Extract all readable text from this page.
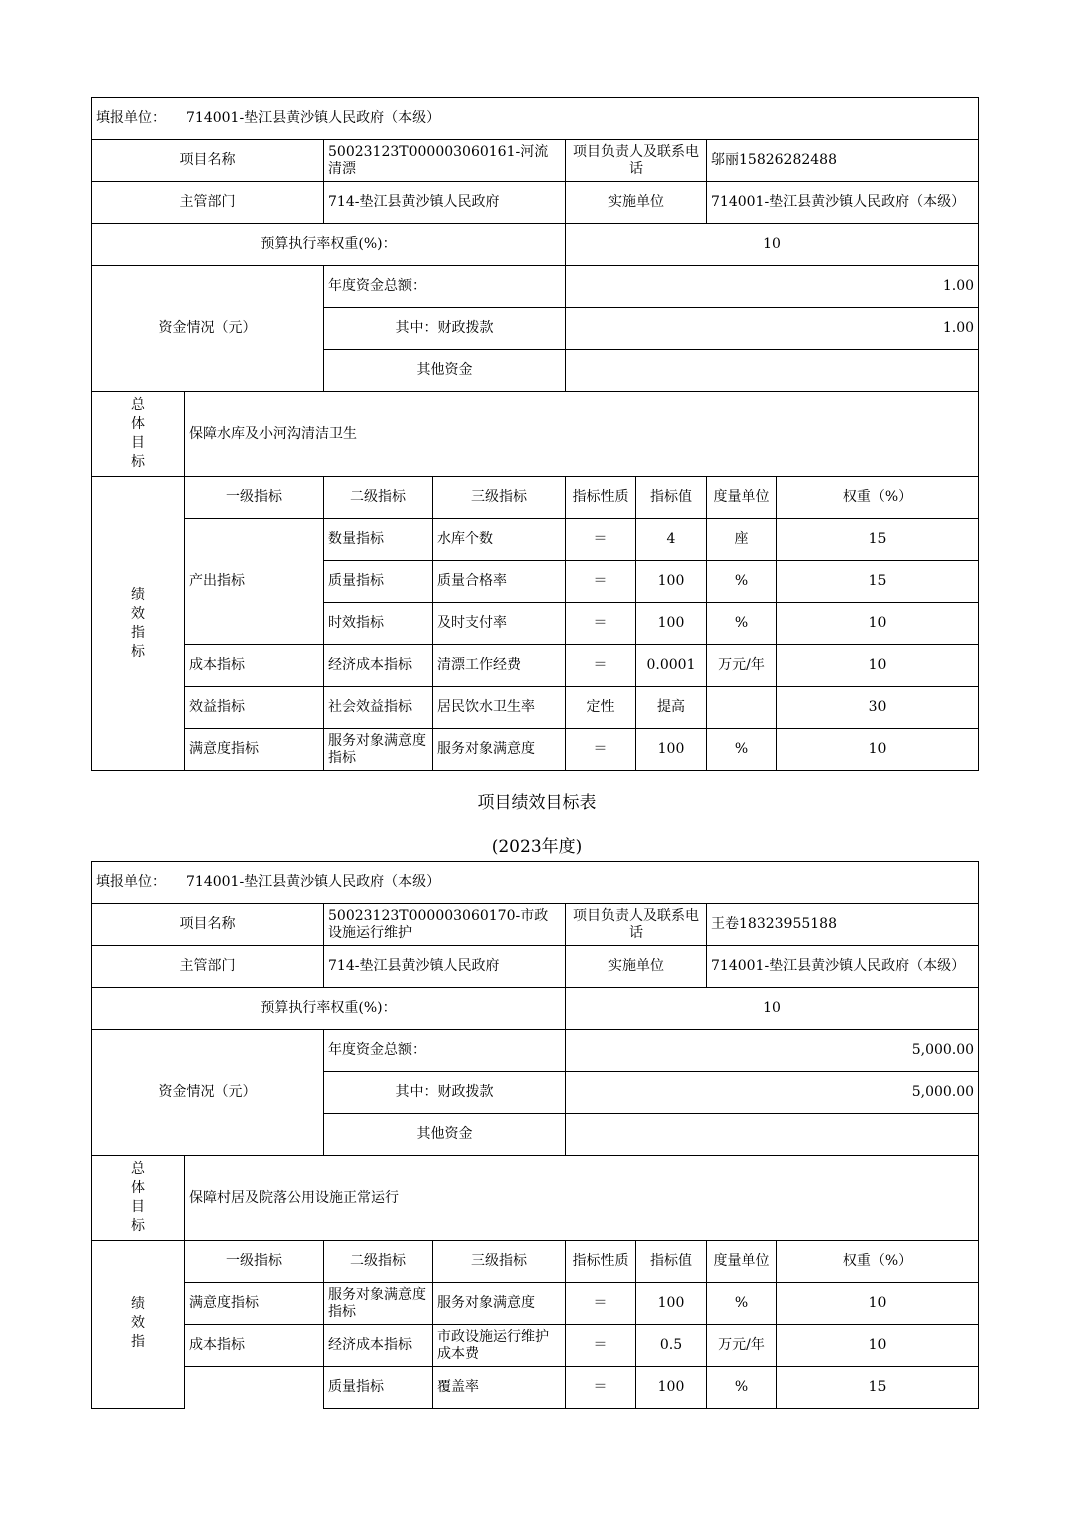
填报单位： 714001-垫江县黄沙镇人民政府（本级）							
项目名称		50023123T000003060161-河流清漂		项目负责人及联系电话		邬丽15826282488	
主管部门		714-垫江县黄沙镇人民政府		实施单位		714001-垫江县黄沙镇人民政府（本级）	
预算执行率权重(%)：				10			
资金情况（元）		年度资金总额：		1.00			
		其中：财政拨款		1.00			
		其他资金					

总体目标	保障水库及小河沟清洁卫生						

绩效指标	一级指标	二级指标	三级指标	指标性质	指标值	度量单位	权重（%）
	产出指标	数量指标	水库个数	＝	4	座	15
		质量指标	质量合格率	＝	100	%	15
		时效指标	及时支付率	＝	100	%	10
	成本指标	经济成本指标	清漂工作经费	＝	0.0001	万元/年	10
	效益指标	社会效益指标	居民饮水卫生率	定性	提高		30
	满意度指标	服务对象满意度指标	服务对象满意度	＝	100	%	10
项目绩效目标表
(2023年度)
填报单位： 714001-垫江县黄沙镇人民政府（本级）							
项目名称		50023123T000003060170-市政设施运行维护		项目负责人及联系电话		王卷18323955188	
主管部门		714-垫江县黄沙镇人民政府		实施单位		714001-垫江县黄沙镇人民政府（本级）	
预算执行率权重(%)：				10			
资金情况（元）		年度资金总额：		5,000.00			
		其中：财政拨款		5,000.00			
		其他资金					

总体目标	保障村居及院落公用设施正常运行						

绩效指	一级指标	二级指标	三级指标	指标性质	指标值	度量单位	权重（%）
	满意度指标	服务对象满意度指标	服务对象满意度	＝	100	%	10
	成本指标	经济成本指标	市政设施运行维护成本费	＝	0.5	万元/年	10
		质量指标	覆盖率	＝	100	%	15
